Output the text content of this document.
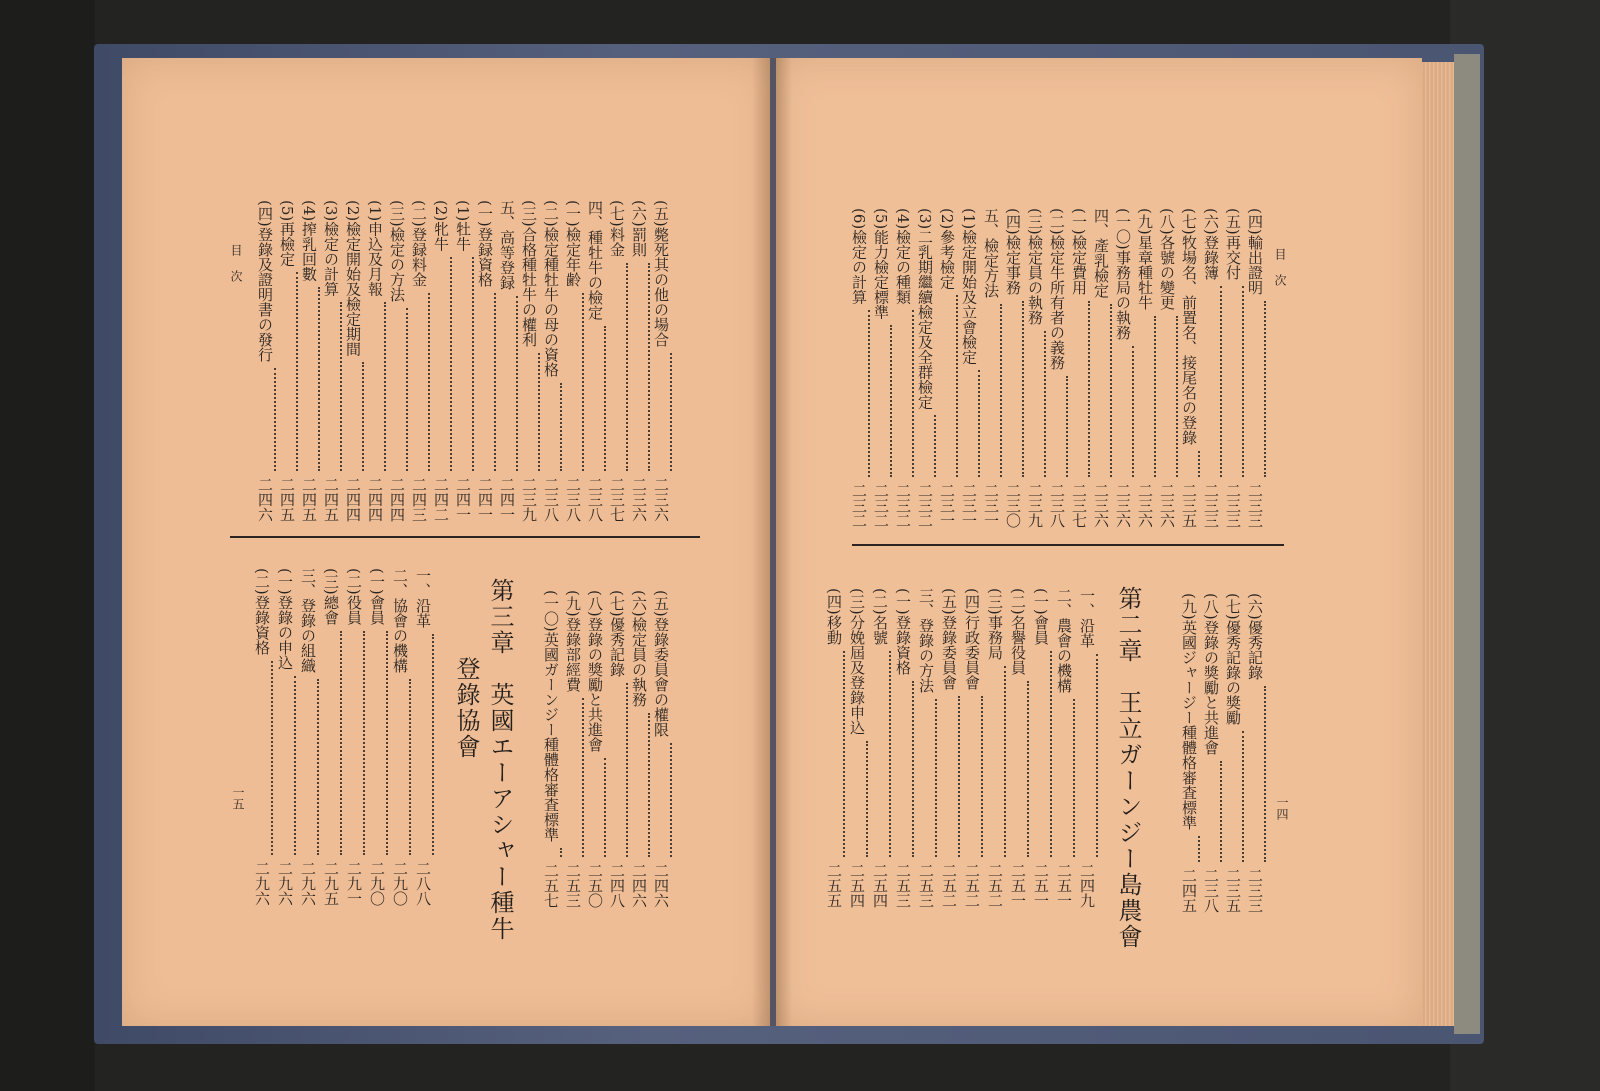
目次
一五
(五)斃死其の他の場合
二三六
(六)罰則
二三六
(七)料金
二三七
四、種牡牛の檢定
二三八
(一)檢定年齢
二三八
(二)檢定種牡牛の母の資格
二三八
(三)合格種牡牛の權利
二三九
五、高等登録
二四一
(一)登録資格
二四一
(1)牡牛
二四一
(2)牝牛
二四二
(二)登録料金
二四三
(三)檢定の方法
二四四
(1)申込及月報
二四四
(2)檢定開始及檢定期間
二四四
(3)檢定の計算
二四五
(4)搾乳回數
二四五
(5)再檢定
二四五
(四)登錄及證明書の發行
二四六
(五)登錄委員會の權限
二四六
(六)檢定員の執務
二四六
(七)優秀記錄
二四八
(八)登錄の獎勵と共進會
二五〇
(九)登錄部經費
二五三
(一〇)英國ガーンジー種體格審査標準
二五七
第三章　英國エーアシャー種牛
登錄協會
一、沿革
二八八
二、協會の機構
二九〇
(一)會員
二九〇
(二)役員
二九一
(三)總會
二九五
三、登錄の組織
二九六
(一)登錄の申込
二九六
(二)登錄資格
二九六
目次
一四
(四)輸出證明
二三三
(五)再交付
二三三
(六)登錄簿
二三三
(七)牧場名、前置名、接尾名の登錄
二三五
(八)各號の變更
二三六
(九)星章種牡牛
二三六
(一〇)事務局の執務
二三六
四、產乳檢定
二三六
(一)檢定費用
二三七
(二)檢定牛所有者の義務
二三八
(三)檢定員の執務
二三九
(四)檢定事務
二三〇
五、檢定方法
二三一
(1)檢定開始及立會檢定
二三一
(2)參考檢定
二三一
(3)二乳期繼續檢定及全群檢定
二三二
(4)檢定の種類
二三二
(5)能力檢定標準
二三二
(6)檢定の計算
二三二
(六)優秀記錄
二三三
(七)優秀記錄の獎勵
二三五
(八)登錄の獎勵と共進會
二三八
(九)英國ジャージー種體格審査標準
二四五
第二章　王立ガーンジー島農會
一、沿革
二四九
二、農會の機構
二五一
(一)會員
二五一
(二)名譽役員
二五一
(三)事務局
二五二
(四)行政委員會
二五二
(五)登錄委員會
二五二
三、登錄の方法
二五三
(一)登錄資格
二五三
(二)名號
二五四
(三)分娩屆及登錄申込
二五四
(四)移動
二五五
